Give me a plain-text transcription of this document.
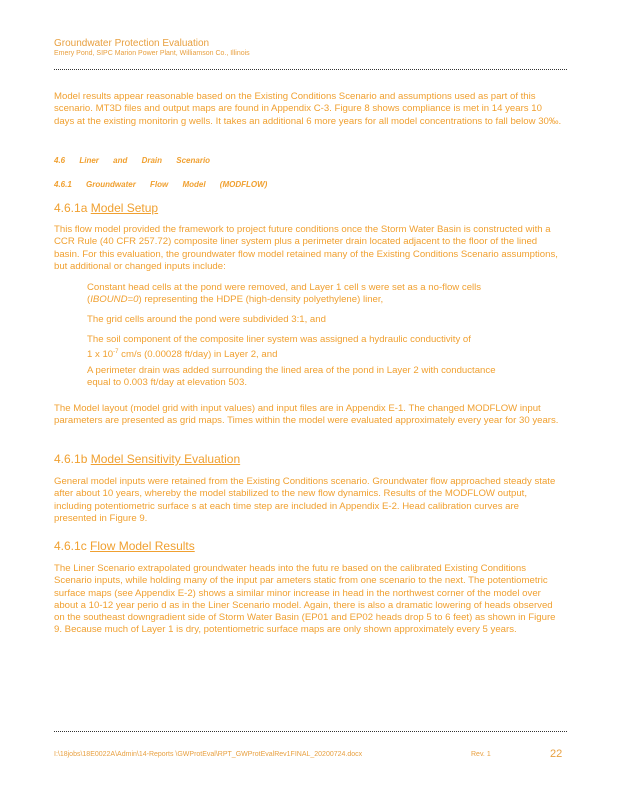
Groundwater Protection Evaluation
Emery Pond, SIPC Marion Power Plant, Williamson Co., Illinois
Model results appear reasonable based on the Existing Conditions Scenario and assumptions used as part of this scenario. MT3D files and output maps are found in Appendix C-3. Figure 8 shows compliance is met in 14 years 10 days at the existing monitorin g wells. It takes an additional 6 more years for all model concentrations to fall below 30‰.
4.6 Liner and Drain Scenario
4.6.1 Groundwater Flow Model (MODFLOW)
4.6.1a Model Setup
This flow model provided the framework to project future conditions once the Storm Water Basin is constructed with a CCR Rule (40 CFR 257.72) composite liner system plus a perimeter drain located adjacent to the floor of the lined basin. For this evaluation, the groundwater flow model retained many of the Existing Conditions Scenario assumptions, but additional or changed inputs include:
Constant head cells at the pond were removed, and Layer 1 cell s were set as a no-flow cells
(IBOUND=0) representing the HDPE (high-density polyethylene) liner,
The grid cells around the pond were subdivided 3:1, and
The soil component of the composite liner system was assigned a hydraulic conductivity of
1 x $10^{-7}$ cm/s (0.00028 ft/day) in Layer 2, and
A perimeter drain was added surrounding the lined area of the pond in Layer 2 with conductance
equal to 0.003 ft/day at elevation 503.
The Model layout (model grid with input values) and input files are in Appendix E-1. The changed MODFLOW input parameters are presented as grid maps. Times within the model were evaluated approximately every year for 30 years.
4.6.1b Model Sensitivity Evaluation
General model inputs were retained from the Existing Conditions scenario. Groundwater flow approached steady state after about 10 years, whereby the model stabilized to the new flow dynamics. Results of the MODFLOW output, including potentiometric surface s at each time step are included in Appendix E-2. Head calibration curves are presented in Figure 9.
4.6.1c Flow Model Results
The Liner Scenario extrapolated groundwater heads into the futu re based on the calibrated Existing Conditions Scenario inputs, while holding many of the input par ameters static from one scenario to the next. The potentiometric surface maps (see Appendix E-2) shows a similar minor increase in head in the northwest corner of the model over about a 10-12 year perio d as in the Liner Scenario model. Again, there is also a dramatic lowering of heads observed on the southeast downgradient side of Storm Water Basin (EP01 and EP02 heads drop 5 to 6 feet) as shown in Figure 9. Because much of Layer 1 is dry, potentiometric surface maps are only shown approximately every 5 years.
I:\18jobs\18E0022A\Admin\14-Reports \GWProtEval\RPT_GWProtEvalRev1FINAL_20200724.docx	Rev. 1	22
